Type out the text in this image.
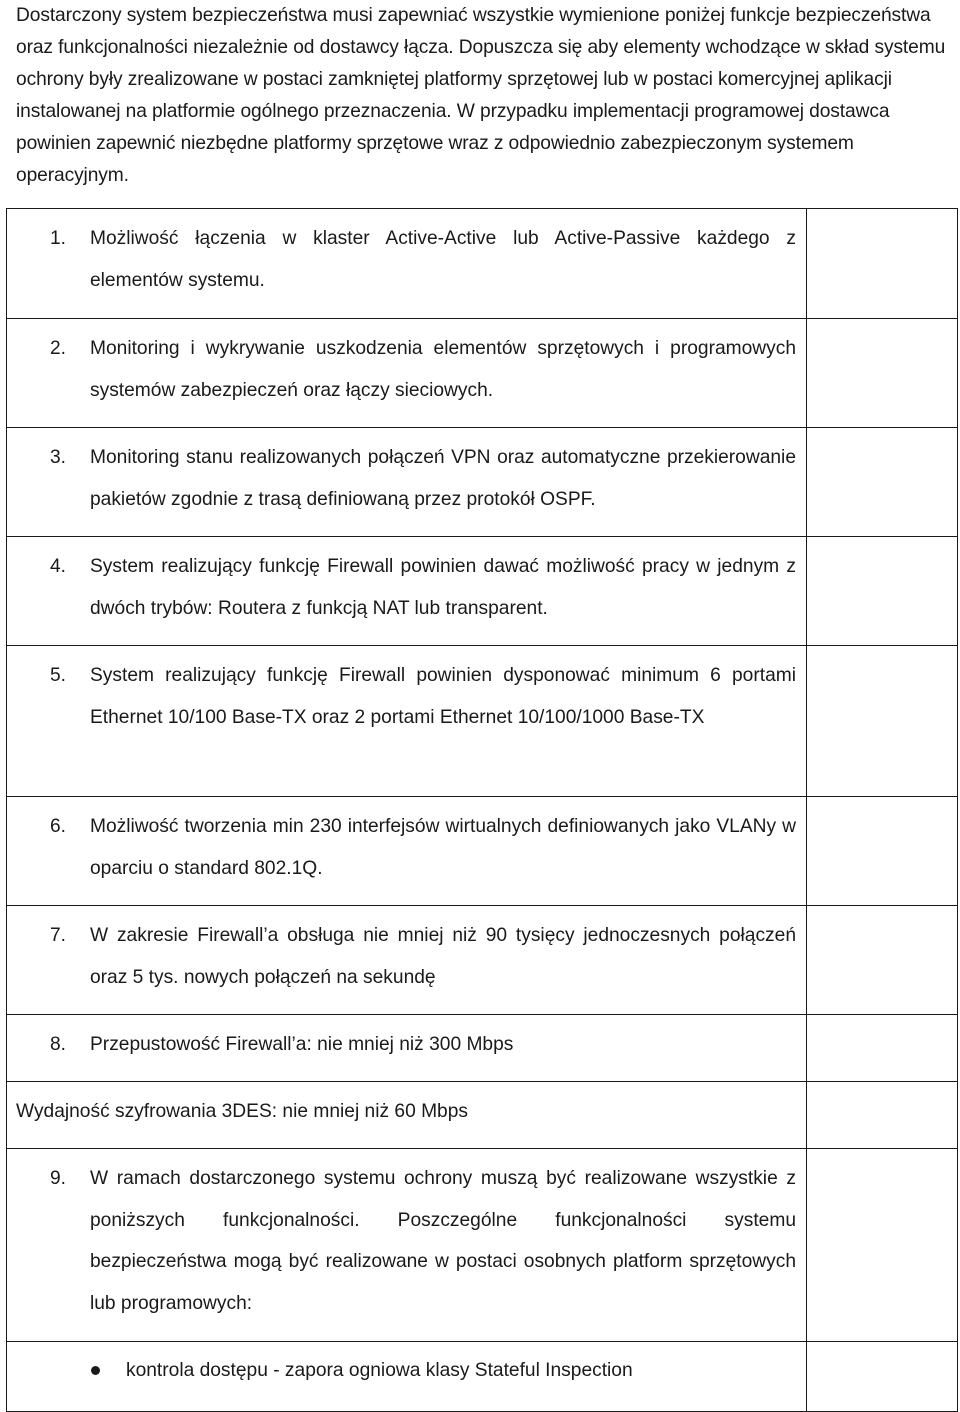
Dostarczony system bezpieczeństwa musi zapewniać wszystkie wymienione poniżej funkcje bezpieczeństwa oraz funkcjonalności niezależnie od dostawcy łącza. Dopuszcza się aby elementy wchodzące w skład systemu ochrony były zrealizowane w postaci zamkniętej platformy sprzętowej lub w postaci komercyjnej aplikacji instalowanej na platformie ogólnego przeznaczenia. W przypadku implementacji programowej dostawca powinien zapewnić niezbędne platformy sprzętowe wraz z odpowiednio zabezpieczonym systemem operacyjnym.

1. Możliwość łączenia w klaster Active-Active lub Active-Passive każdego z elementów systemu.	

2. Monitoring i wykrywanie uszkodzenia elementów sprzętowych i programowych systemów zabezpieczeń oraz łączy sieciowych.	

3. Monitoring stanu realizowanych połączeń VPN oraz automatyczne przekierowanie pakietów zgodnie z trasą definiowaną przez protokół OSPF.	

4. System realizujący funkcję Firewall powinien dawać możliwość pracy w jednym z dwóch trybów: Routera z funkcją NAT lub transparent.	

5. System realizujący funkcję Firewall powinien dysponować minimum 6 portami Ethernet 10/100 Base-TX oraz 2 portami Ethernet 10/100/1000 Base-TX	

6. Możliwość tworzenia min 230 interfejsów wirtualnych definiowanych jako VLANy w oparciu o standard 802.1Q.	

7. W zakresie Firewall’a obsługa nie mniej niż 90 tysięcy jednoczesnych połączeń oraz 5 tys. nowych połączeń na sekundę	

8. Przepustowość Firewall’a: nie mniej niż 300 Mbps	

Wydajność szyfrowania 3DES: nie mniej niż 60 Mbps	

9. W ramach dostarczonego systemu ochrony muszą być realizowane wszystkie z poniższych funkcjonalności. Poszczególne funkcjonalności systemu bezpieczeństwa mogą być realizowane w postaci osobnych platform sprzętowych lub programowych:	

kontrola dostępu - zapora ogniowa klasy Stateful Inspection	
